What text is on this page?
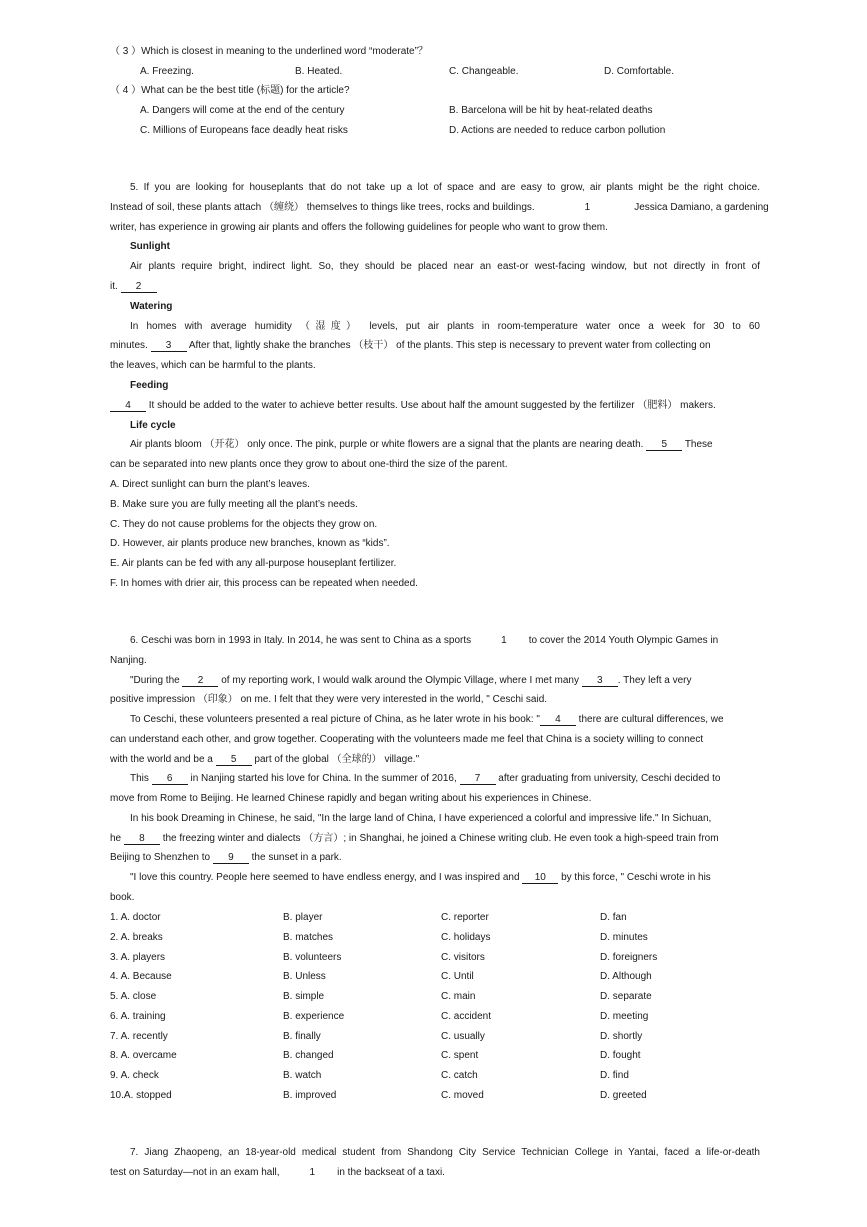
（ 3 ）Which is closest in meaning to the underlined word “moderate”？
A. Freezing.	B. Heated.	C. Changeable.	D. Comfortable.
（ 4 ）What can be the best title (标题) for the article?
A. Dangers will come at the end of the century	B. Barcelona will be hit by heat-related deaths
C. Millions of Europeans face deadly heat risks	D. Actions are needed to reduce carbon pollution
5. If you are looking for houseplants that do not take up a lot of space and are easy to grow, air plants might be the right choice.
Instead of soil, these plants attach （缠绕） themselves to things like trees, rocks and buildings.	1	Jessica Damiano, a gardening
writer, has experience in growing air plants and offers the following guidelines for people who want to grow them.
Sunlight
Air plants require bright, indirect light. So, they should be placed near an east-or west-facing window, but not directly in front of
it. 2
Watering
In homes with average humidity （湿度） levels, put air plants in room-temperature water once a week for 30 to 60
minutes. 3 After that, lightly shake the branches （枝干） of the plants. This step is necessary to prevent water from collecting on
the leaves, which can be harmful to the plants.
Feeding
4 It should be added to the water to achieve better results. Use about half the amount suggested by the fertilizer （肥料） makers.
Life cycle
Air plants bloom （开花） only once. The pink, purple or white flowers are a signal that the plants are nearing death. 5 These
can be separated into new plants once they grow to about one-third the size of the parent.
A. Direct sunlight can burn the plant’s leaves.
B. Make sure you are fully meeting all the plant’s needs.
C. They do not cause problems for the objects they grow on.
D. However, air plants produce new branches, known as “kids”.
E. Air plants can be fed with any all-purpose houseplant fertilizer.
F. In homes with drier air, this process can be repeated when needed.
6. Ceschi was born in 1993 in Italy. In 2014, he was sent to China as a sports	1 to cover the 2014 Youth Olympic Games in
Nanjing.
"During the 2 of my reporting work, I would walk around the Olympic Village, where I met many 3 . They left a very
positive impression （印象） on me. I felt that they were very interested in the world, " Ceschi said.
To Ceschi, these volunteers presented a real picture of China, as he later wrote in his book: " 4 there are cultural differences, we
can understand each other, and grow together. Cooperating with the volunteers made me feel that China is a society willing to connect
with the world and be a 5 part of the global （全球的） village."
This 6 in Nanjing started his love for China. In the summer of 2016, 7 after graduating from university, Ceschi decided to
move from Rome to Beijing. He learned Chinese rapidly and began writing about his experiences in Chinese.
In his book Dreaming in Chinese, he said, "In the large land of China, I have experienced a colorful and impressive life." In Sichuan,
he 8 the freezing winter and dialects （方言）; in Shanghai, he joined a Chinese writing club. He even took a high-speed train from
Beijing to Shenzhen to 9 the sunset in a park.
"I love this country. People here seemed to have endless energy, and I was inspired and 10 by this force, " Ceschi wrote in his
book.
1. A. doctor	B. player	C. reporter	D. fan
2. A. breaks	B. matches	C. holidays	D. minutes
3. A. players	B. volunteers	C. visitors	D. foreigners
4. A. Because	B. Unless	C. Until	D. Although
5. A. close	B. simple	C. main	D. separate
6. A. training	B. experience	C. accident	D. meeting
7. A. recently	B. finally	C. usually	D. shortly
8. A. overcame	B. changed	C. spent	D. fought
9. A. check	B. watch	C. catch	D. find
10.A. stopped	B. improved	C. moved	D. greeted
7. Jiang Zhaopeng, an 18-year-old medical student from Shandong City Service Technician College in Yantai, faced a life-or-death
test on Saturday—not in an exam hall,	1 in the backseat of a taxi.
